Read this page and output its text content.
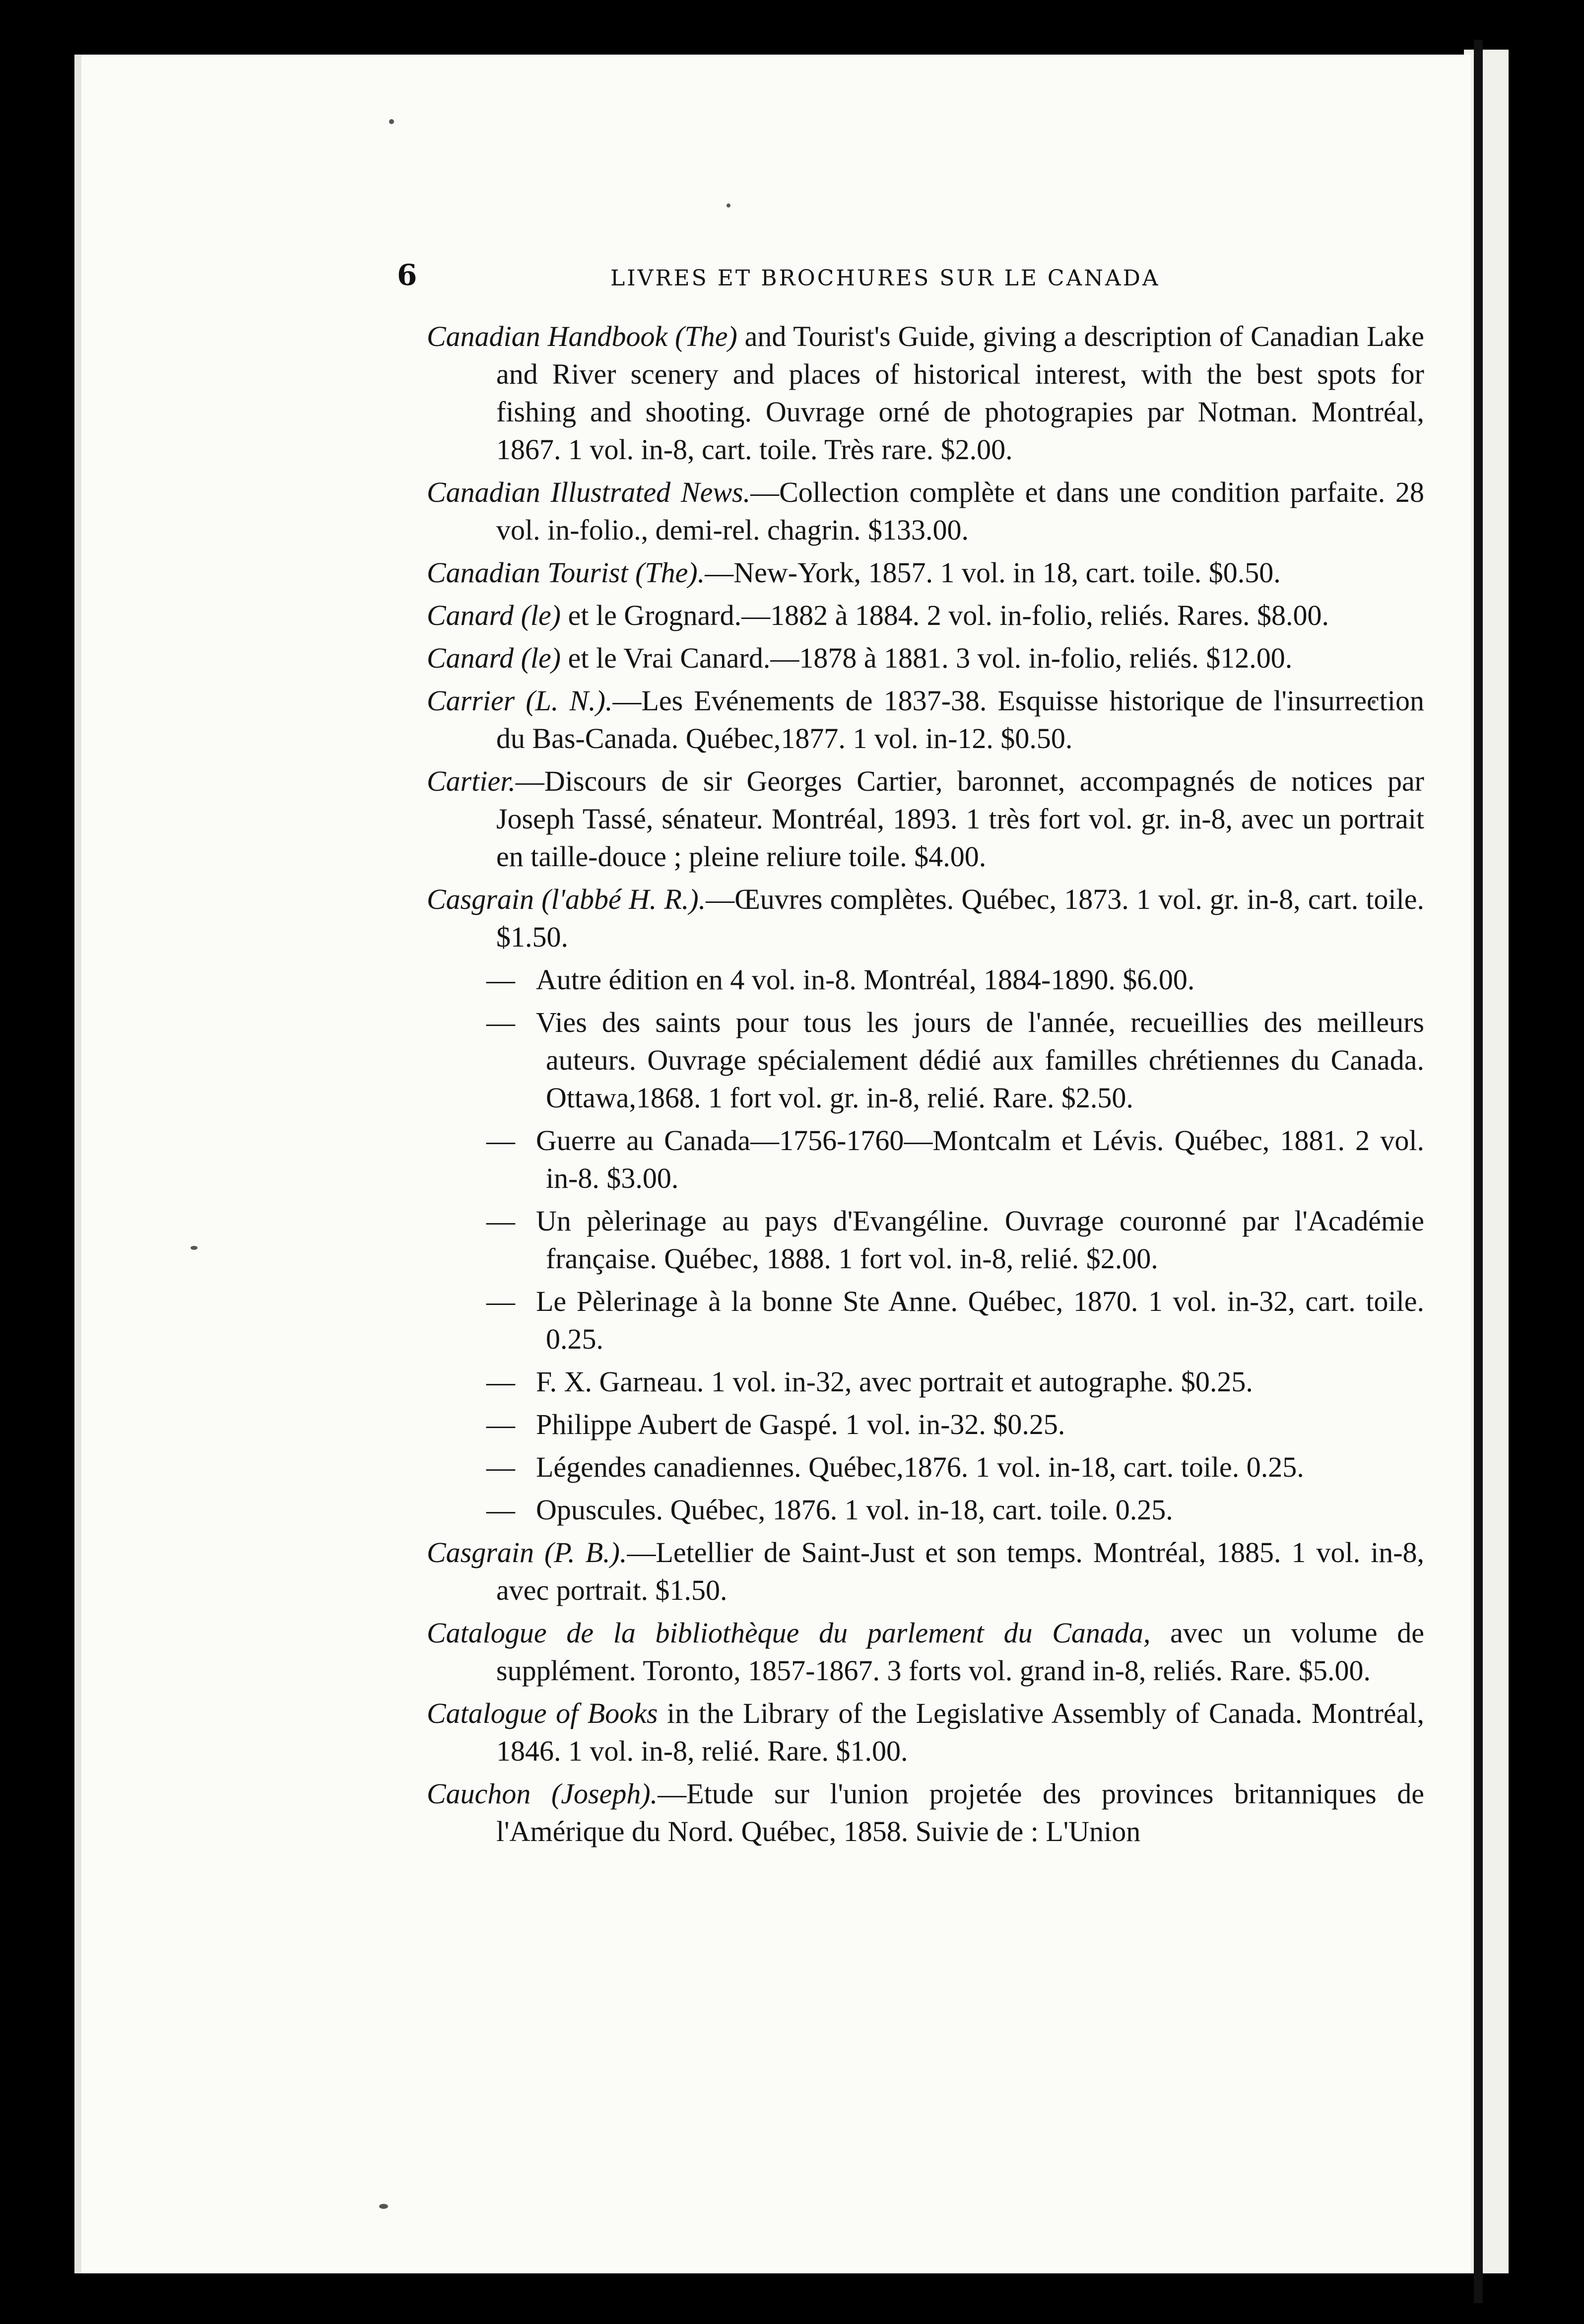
6	LIVRES ET BROCHURES SUR LE CANADA
Canadian Handbook (The) and Tourist's Guide, giving a description of Canadian Lake and River scenery and places of historical interest, with the best spots for fishing and shooting. Ouvrage orné de photograpies par Notman. Montréal, 1867. 1 vol. in-8, cart. toile. Très rare. $2.00.
Canadian Illustrated News.—Collection complète et dans une condition parfaite. 28 vol. in-folio., demi-rel. chagrin. $133.00.
Canadian Tourist (The).—New-York, 1857. 1 vol. in 18, cart. toile. $0.50.
Canard (le) et le Grognard.—1882 à 1884. 2 vol. in-folio, reliés. Rares. $8.00.
Canard (le) et le Vrai Canard.—1878 à 1881. 3 vol. in-folio, reliés. $12.00.
Carrier (L. N.).—Les Evénements de 1837-38. Esquisse historique de l'insurrection du Bas-Canada. Québec,1877. 1 vol. in-12. $0.50.
Cartier.—Discours de sir Georges Cartier, baronnet, accompagnés de notices par Joseph Tassé, sénateur. Montréal, 1893. 1 très fort vol. gr. in-8, avec un portrait en taille-douce ; pleine reliure toile. $4.00.
Casgrain (l'abbé H. R.).—Œuvres complètes. Québec, 1873. 1 vol. gr. in-8, cart. toile. $1.50.
— Autre édition en 4 vol. in-8. Montréal, 1884-1890. $6.00.
— Vies des saints pour tous les jours de l'année, recueillies des meilleurs auteurs. Ouvrage spécialement dédié aux familles chrétiennes du Canada. Ottawa,1868. 1 fort vol. gr. in-8, relié. Rare. $2.50.
— Guerre au Canada—1756-1760—Montcalm et Lévis. Québec, 1881. 2 vol. in-8. $3.00.
— Un pèlerinage au pays d'Evangéline. Ouvrage couronné par l'Académie française. Québec, 1888. 1 fort vol. in-8, relié. $2.00.
— Le Pèlerinage à la bonne Ste Anne. Québec, 1870. 1 vol. in-32, cart. toile. 0.25.
— F. X. Garneau. 1 vol. in-32, avec portrait et autographe. $0.25.
— Philippe Aubert de Gaspé. 1 vol. in-32. $0.25.
— Légendes canadiennes. Québec,1876. 1 vol. in-18, cart. toile. 0.25.
— Opuscules. Québec, 1876. 1 vol. in-18, cart. toile. 0.25.
Casgrain (P. B.).—Letellier de Saint-Just et son temps. Montréal, 1885. 1 vol. in-8, avec portrait. $1.50.
Catalogue de la bibliothèque du parlement du Canada, avec un volume de supplément. Toronto, 1857-1867. 3 forts vol. grand in-8, reliés. Rare. $5.00.
Catalogue of Books in the Library of the Legislative Assembly of Canada. Montréal, 1846. 1 vol. in-8, relié. Rare. $1.00.
Cauchon (Joseph).—Etude sur l'union projetée des provinces britanniques de l'Amérique du Nord. Québec, 1858. Suivie de : L'Union
